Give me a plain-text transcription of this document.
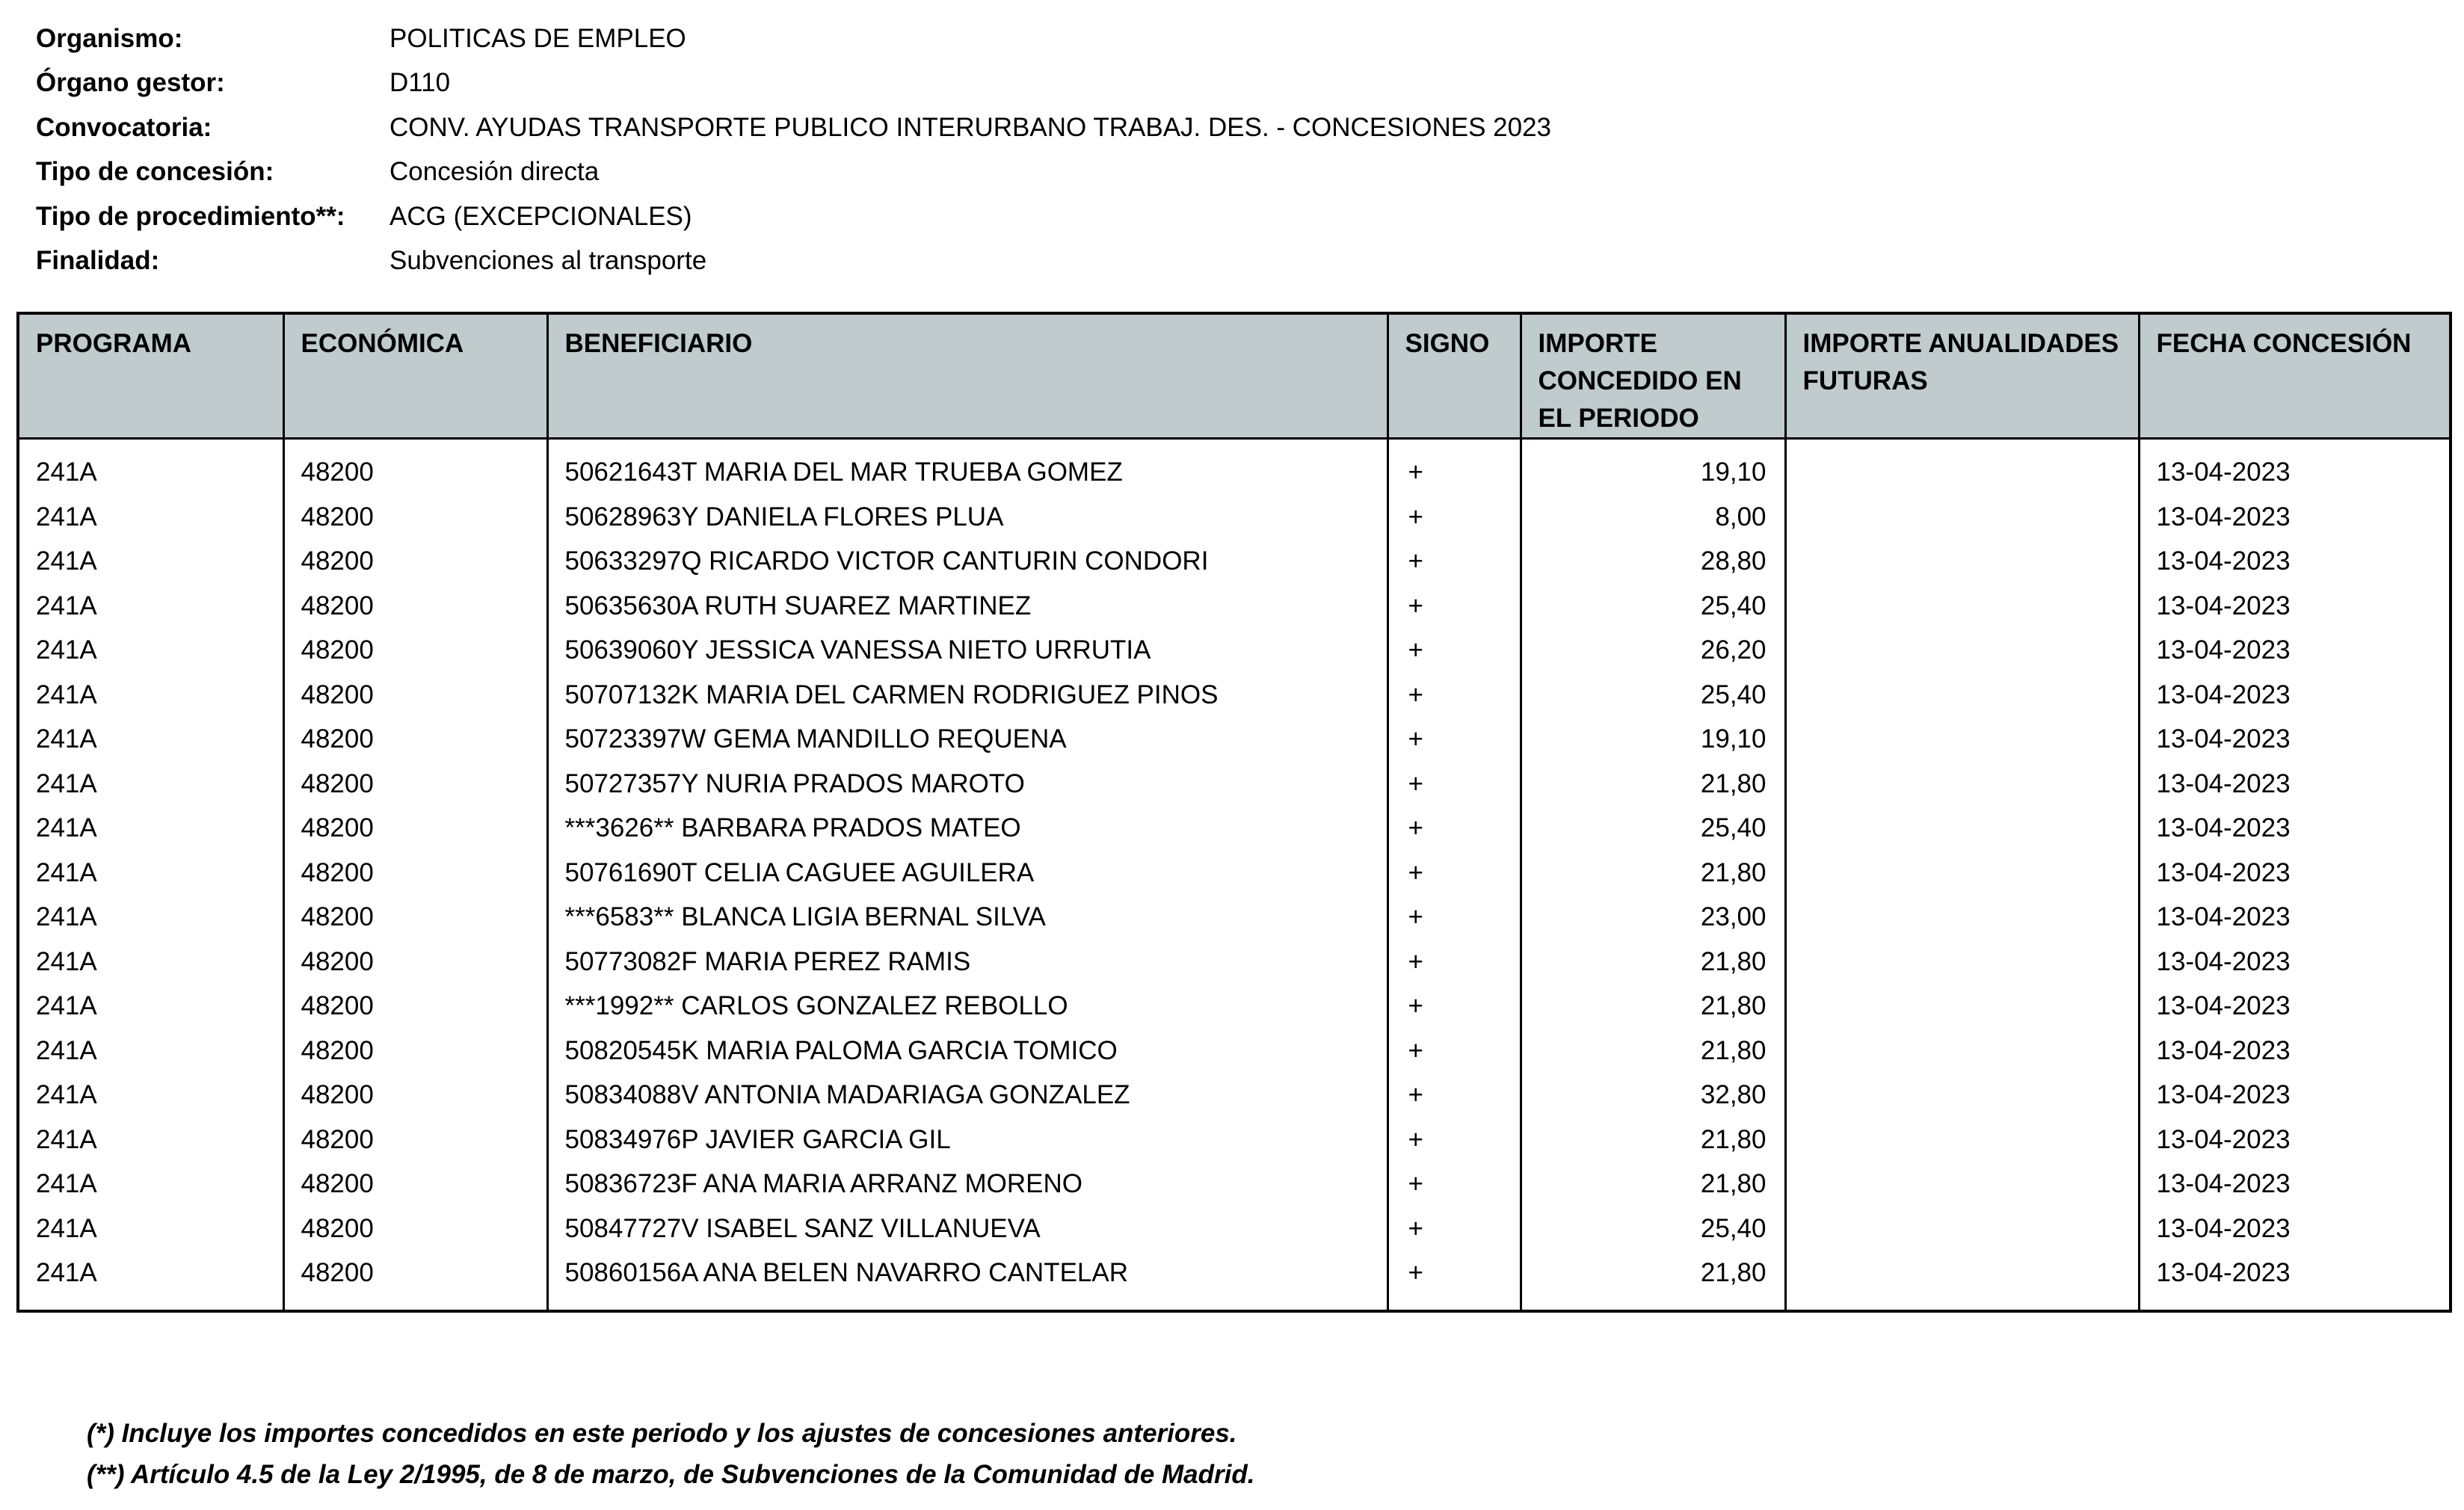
Organismo:	POLITICAS DE EMPLEO
Órgano gestor:	D110
Convocatoria:	CONV. AYUDAS TRANSPORTE PUBLICO INTERURBANO TRABAJ. DES. - CONCESIONES 2023
Tipo de concesión:	Concesión directa
Tipo de procedimiento**:	ACG (EXCEPCIONALES)
Finalidad:	Subvenciones al transporte
PROGRAMA	ECONÓMICA	BENEFICIARIO	SIGNO	IMPORTE CONCEDIDO EN EL PERIODO	IMPORTE ANUALIDADES FUTURAS	FECHA CONCESIÓN
241A	48200	50621643T MARIA DEL MAR TRUEBA GOMEZ	+	19,10		13-04-2023
241A	48200	50628963Y DANIELA FLORES PLUA	+	8,00		13-04-2023
241A	48200	50633297Q RICARDO VICTOR CANTURIN CONDORI	+	28,80		13-04-2023
241A	48200	50635630A RUTH SUAREZ MARTINEZ	+	25,40		13-04-2023
241A	48200	50639060Y JESSICA VANESSA NIETO URRUTIA	+	26,20		13-04-2023
241A	48200	50707132K MARIA DEL CARMEN RODRIGUEZ PINOS	+	25,40		13-04-2023
241A	48200	50723397W GEMA MANDILLO REQUENA	+	19,10		13-04-2023
241A	48200	50727357Y NURIA PRADOS MAROTO	+	21,80		13-04-2023
241A	48200	***3626** BARBARA PRADOS MATEO	+	25,40		13-04-2023
241A	48200	50761690T CELIA CAGUEE AGUILERA	+	21,80		13-04-2023
241A	48200	***6583** BLANCA LIGIA BERNAL SILVA	+	23,00		13-04-2023
241A	48200	50773082F MARIA PEREZ RAMIS	+	21,80		13-04-2023
241A	48200	***1992** CARLOS GONZALEZ REBOLLO	+	21,80		13-04-2023
241A	48200	50820545K MARIA PALOMA GARCIA TOMICO	+	21,80		13-04-2023
241A	48200	50834088V ANTONIA MADARIAGA GONZALEZ	+	32,80		13-04-2023
241A	48200	50834976P JAVIER GARCIA GIL	+	21,80		13-04-2023
241A	48200	50836723F ANA MARIA ARRANZ MORENO	+	21,80		13-04-2023
241A	48200	50847727V ISABEL SANZ VILLANUEVA	+	25,40		13-04-2023
241A	48200	50860156A ANA BELEN NAVARRO CANTELAR	+	21,80		13-04-2023

(*) Incluye los importes concedidos en este periodo y los ajustes de concesiones anteriores.
(**) Artículo 4.5 de la Ley 2/1995, de 8 de marzo, de Subvenciones de la Comunidad de Madrid.
